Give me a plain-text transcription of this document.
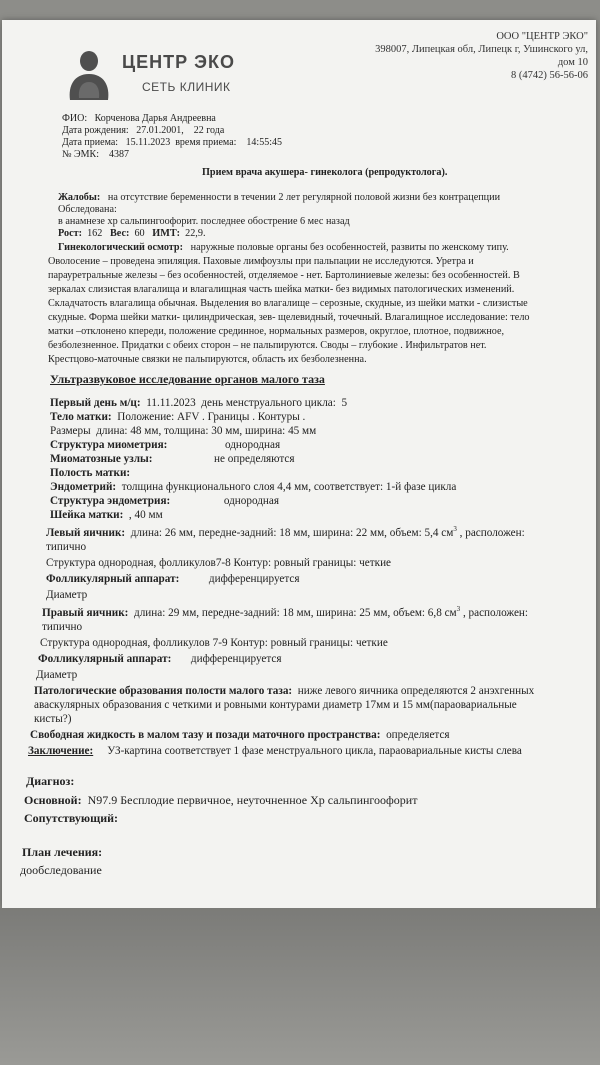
ЦЕНТР ЭКО
СЕТЬ КЛИНИК
ООО "ЦЕНТР ЭКО"
398007, Липецкая обл, Липецк г, Ушинского ул,
дом 10
8 (4742) 56-56-06
ФИО: Корченова Дарья Андреевна
Дата рождения: 27.01.2001, 22 года
Дата приема: 15.11.2023 время приема: 14:55:45
№ ЭМК: 4387
Прием врача акушера- гинеколога (репродуктолога).
Жалобы: на отсутствие беременности в течении 2 лет регулярной половой жизни без контрацепции
Обследована:
в анамнезе хр сальпингоофорит. последнее обострение 6 мес назад
Рост: 162 Вес: 60 ИМТ: 22,9.
Гинекологический осмотр: наружные половые органы без особенностей, развиты по женскому типу.
Оволосение – проведена эпиляция. Паховые лимфоузлы при пальпации не исследуются. Уретра и
парауретральные железы – без особенностей, отделяемое - нет. Бартолиниевые железы: без особенностей. В
зеркалах слизистая влагалища и влагалищная часть шейка матки- без видимых патологических изменений.
Складчатость влагалища обычная. Выделения во влагалище – серозные, скудные, из шейки матки - слизистые
скудные. Форма шейки матки- цилиндрическая, зев- щелевидный, точечный. Влагалищное исследование: тело
матки –отклонено кпереди, положение срединное, нормальных размеров, округлое, плотное, подвижное,
безболезненное. Придатки с обеих сторон – не пальпируются. Своды – глубокие . Инфильтратов нет.
Крестцово-маточные связки не пальпируются, область их безболезненна.
Ультразвуковое исследование органов малого таза
Первый день м/ц: 11.11.2023 день менструального цикла: 5
Тело матки: Положение: AFV . Границы . Контуры .
Размеры длина: 48 мм, толщина: 30 мм, ширина: 45 мм
Структура миометрия:	однородная
Миоматозные узлы:	не определяются
Полость матки:
Эндометрий: толщина функционального слоя 4,4 мм, соответствует: 1-й фазе цикла
Структура эндометрия:	однородная
Шейка матки: , 40 мм
Левый яичник: длина: 26 мм, передне-задний: 18 мм, ширина: 22 мм, объем: 5,4 $см^3$ , расположен:
типично
Структура однородная, фолликулов7-8 Контур: ровный границы: четкие
Фолликулярный аппарат:	дифференцируется
Диаметр
Правый яичник: длина: 29 мм, передне-задний: 18 мм, ширина: 25 мм, объем: 6,8 $см^3$ , расположен:
типично
Структура однородная, фолликулов 7-9 Контур: ровный границы: четкие
Фолликулярный аппарат: дифференцируется
Диаметр
Патологические образования полости малого таза: ниже левого яичника определяются 2 анэхгенных
аваскулярных образования с четкими и ровными контурами диаметр 17мм и 15 мм(параовариальные
кисты?)
Свободная жидкость в малом тазу и позади маточного пространства: определяется
Заключение: УЗ-картина соответствует 1 фазе менструального цикла, параовариальные кисты слева
Диагноз:
Основной: N97.9 Бесплодие первичное, неуточненное Хр сальпингоофорит
Сопутствующий:
План лечения:
дообследование
